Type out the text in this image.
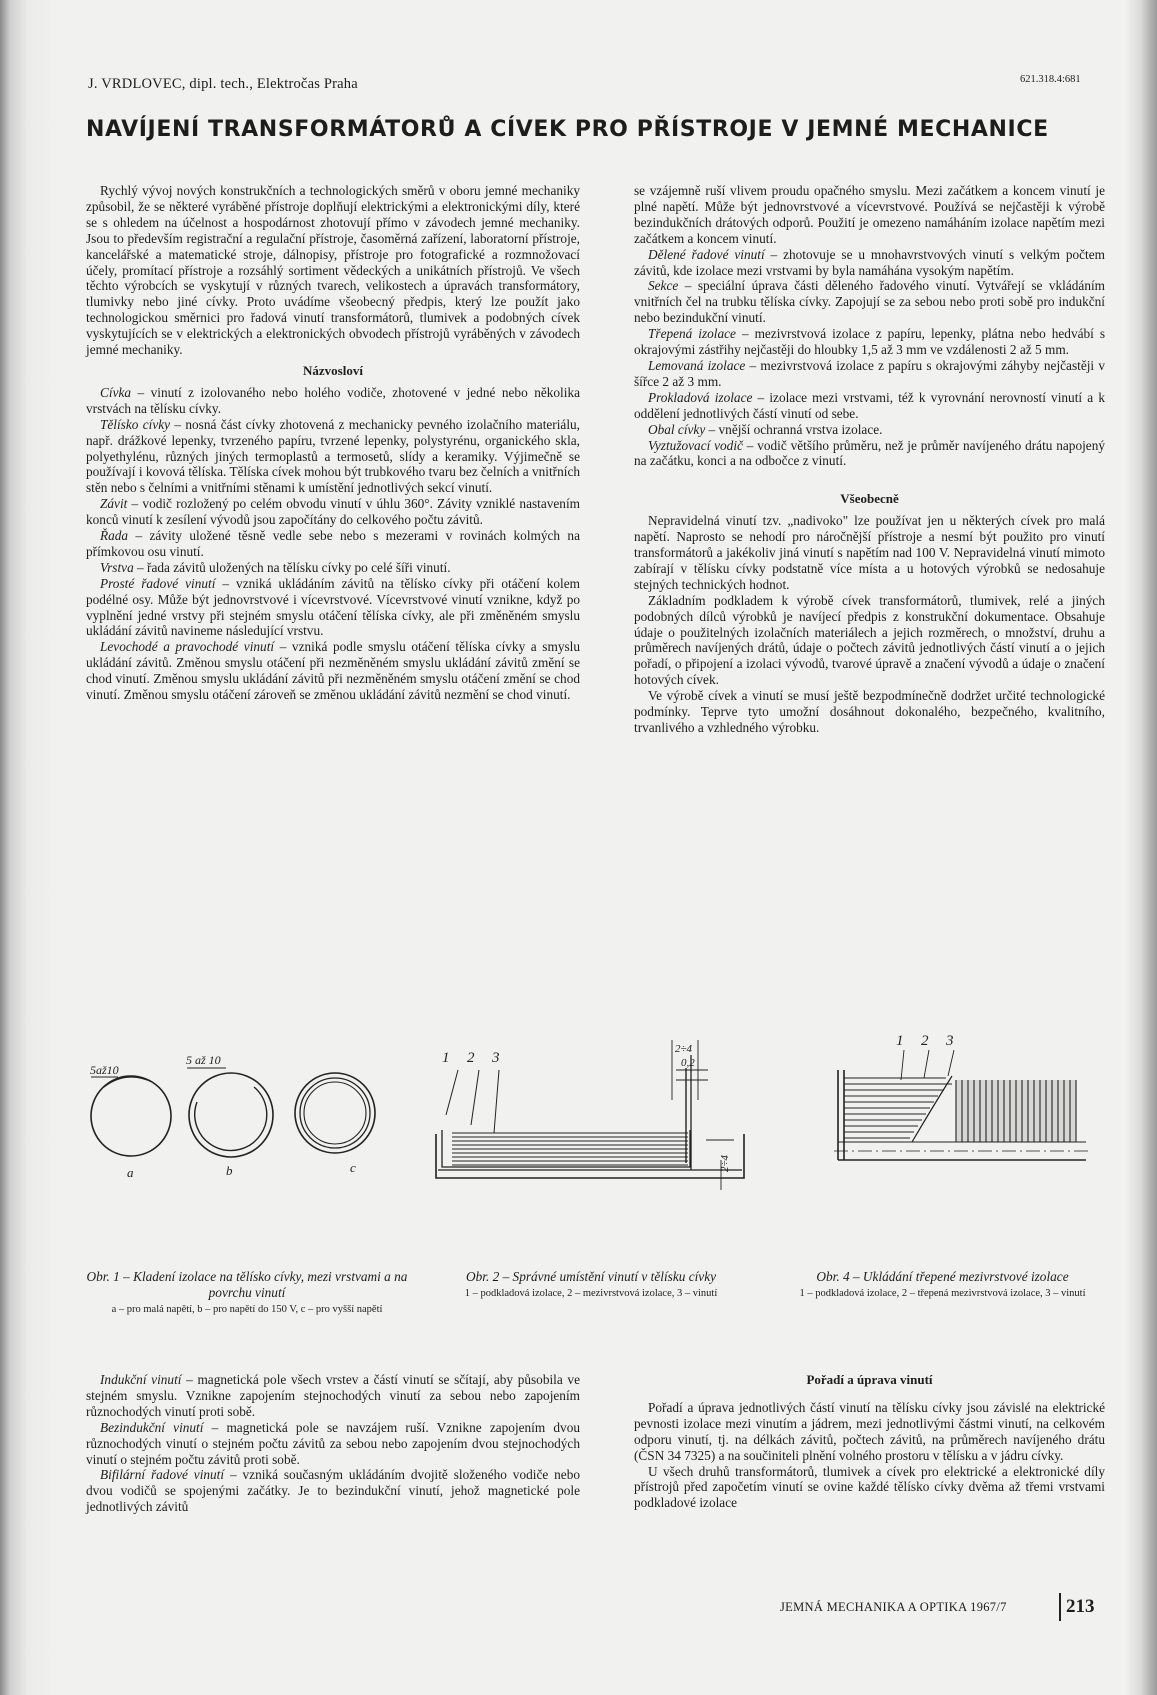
J. VRDLOVEC, dipl. tech., Elektročas Praha	621.318.4:681
NAVÍJENÍ TRANSFORMÁTORŮ A CÍVEK PRO PŘÍSTROJE V JEMNÉ MECHANICE

Rychlý vývoj nových konstrukčních a technologických směrů v oboru jemné mechaniky způsobil, že se některé vyráběné přístroje doplňují elektrickými a elektronickými díly, které se s ohledem na účelnost a hospodárnost zhotovují přímo v závodech jemné mechaniky. Jsou to především registrační a regulační přístroje, časoměrná zařízení, laboratorní přístroje, kancelářské a matematické stroje, dálnopisy, přístroje pro fotografické a rozmnožovací účely, promítací přístroje a rozsáhlý sortiment vědeckých a unikátních přístrojů. Ve všech těchto výrobcích se vyskytují v různých tvarech, velikostech a úpravách transformátory, tlumivky nebo jiné cívky. Proto uvádíme všeobecný předpis, který lze použít jako technologickou směrnici pro řadová vinutí transformátorů, tlumivek a podobných cívek vyskytujících se v elektrických a elektronických obvodech přístrojů vyráběných v závodech jemné mechaniky.

Názvosloví

Cívka – vinutí z izolovaného nebo holého vodiče, zhotovené v jedné nebo několika vrstvách na tělísku cívky.

Tělísko cívky – nosná část cívky zhotovená z mechanicky pevného izolačního materiálu, např. drážkové lepenky, tvrzeného papíru, tvrzené lepenky, polystyrénu, organického skla, polyethylénu, různých jiných termoplastů a termosetů, slídy a keramiky. Výjimečně se používají i kovová tělíska. Tělíska cívek mohou být trubkového tvaru bez čelních a vnitřních stěn nebo s čelními a vnitřními stěnami k umístění jednotlivých sekcí vinutí.

Závit – vodič rozložený po celém obvodu vinutí v úhlu 360°. Závity vzniklé nastavením konců vinutí k zesílení vývodů jsou započítány do celkového počtu závitů.

Řada – závity uložené těsně vedle sebe nebo s mezerami v rovinách kolmých na přímkovou osu vinutí.

Vrstva – řada závitů uložených na tělísku cívky po celé šíři vinutí.

Prosté řadové vinutí – vzniká ukládáním závitů na tělísko cívky při otáčení kolem podélné osy. Může být jednovrstvové i vícevrstvové. Vícevrstvové vinutí vznikne, když po vyplnění jedné vrstvy při stejném smyslu otáčení tělíska cívky, ale při změněném smyslu ukládání závitů navineme následující vrstvu.

Levochodé a pravochodé vinutí – vzniká podle smyslu otáčení tělíska cívky a smyslu ukládání závitů. Změnou smyslu otáčení při nezměněném smyslu ukládání závitů změní se chod vinutí. Změnou smyslu ukládání závitů při nezměněném smyslu otáčení změní se chod vinutí. Změnou smyslu otáčení zároveň se změnou ukládání závitů nezmění se chod vinutí.

se vzájemně ruší vlivem proudu opačného smyslu. Mezi začátkem a koncem vinutí je plné napětí. Může být jednovrstvové a vícevrstvové. Používá se nejčastěji k výrobě bezindukčních drátových odporů. Použití je omezeno namáháním izolace napětím mezi začátkem a koncem vinutí.

Dělené řadové vinutí – zhotovuje se u mnohavrstvových vinutí s velkým počtem závitů, kde izolace mezi vrstvami by byla namáhána vysokým napětím.

Sekce – speciální úprava části děleného řadového vinutí. Vytvářejí se vkládáním vnitřních čel na trubku tělíska cívky. Zapojují se za sebou nebo proti sobě pro indukční nebo bezindukční vinutí.

Třepená izolace – mezivrstvová izolace z papíru, lepenky, plátna nebo hedvábí s okrajovými zástřihy nejčastěji do hloubky 1,5 až 3 mm ve vzdálenosti 2 až 5 mm.

Lemovaná izolace – mezivrstvová izolace z papíru s okrajovými záhyby nejčastěji v šířce 2 až 3 mm.

Prokladová izolace – izolace mezi vrstvami, též k vyrovnání nerovností vinutí a k oddělení jednotlivých částí vinutí od sebe.

Obal cívky – vnější ochranná vrstva izolace.

Vyztužovací vodič – vodič většího průměru, než je průměr navíjeného drátu napojený na začátku, konci a na odbočce z vinutí.

Všeobecně

Nepravidelná vinutí tzv. „nadivoko" lze používat jen u některých cívek pro malá napětí. Naprosto se nehodí pro náročnější přístroje a nesmí být použito pro vinutí transformátorů a jakékoliv jiná vinutí s napětím nad 100 V. Nepravidelná vinutí mimoto zabírají v tělísku cívky podstatně více místa a u hotových výrobků se nedosahuje stejných technických hodnot.

Základním podkladem k výrobě cívek transformátorů, tlumivek, relé a jiných podobných dílců výrobků je navíjecí předpis z konstrukční dokumentace. Obsahuje údaje o použitelných izolačních materiálech a jejich rozměrech, o množství, druhu a průměrech navíjených drátů, údaje o počtech závitů jednotlivých částí vinutí a o jejich pořadí, o připojení a izolaci vývodů, tvarové úpravě a značení vývodů a údaje o značení hotových cívek.

Ve výrobě cívek a vinutí se musí ještě bezpodmínečně dodržet určité technologické podmínky. Teprve tyto umožní dosáhnout dokonalého, bezpečného, kvalitního, trvanlivého a vzhledného výrobku.

5až10
a
5 až 10
b	c
1 2 3
2÷4
0,2
2÷4
1 2 3
Obr. 1 – Kladení izolace na tělísko cívky, mezi vrstvami a na povrchu vinutí
a – pro malá napětí, b – pro napětí do 150 V, c – pro vyšší napětí
Obr. 2 – Správné umístění vinutí v tělísku cívky
1 – podkladová izolace, 2 – mezivrstvová izolace, 3 – vinutí
Obr. 4 – Ukládání třepené mezivrstvové izolace
1 – podkladová izolace, 2 – třepená mezivrstvová izolace, 3 – vinutí

Indukční vinutí – magnetická pole všech vrstev a částí vinutí se sčítají, aby působila ve stejném smyslu. Vznikne zapojením stejnochodých vinutí za sebou nebo zapojením různochodých vinutí proti sobě.

Bezindukční vinutí – magnetická pole se navzájem ruší. Vznikne zapojením dvou různochodých vinutí o stejném počtu závitů za sebou nebo zapojením dvou stejnochodých vinutí o stejném počtu závitů proti sobě.

Bifilární řadové vinutí – vzniká současným ukládáním dvojitě složeného vodiče nebo dvou vodičů se spojenými začátky. Je to bezindukční vinutí, jehož magnetické pole jednotlivých závitů

Pořadí a úprava vinutí

Pořadí a úprava jednotlivých částí vinutí na tělísku cívky jsou závislé na elektrické pevnosti izolace mezi vinutím a jádrem, mezi jednotlivými částmi vinutí, na celkovém odporu vinutí, tj. na délkách závitů, počtech závitů, na průměrech navíjeného drátu (ČSN 34 7325) a na součiniteli plnění volného prostoru v tělísku a v jádru cívky.

U všech druhů transformátorů, tlumivek a cívek pro elektrické a elektronické díly přístrojů před započetím vinutí se ovine každé tělísko cívky dvěma až třemi vrstvami podkladové izolace

JEMNÁ MECHANIKA A OPTIKA 1967/7	213
